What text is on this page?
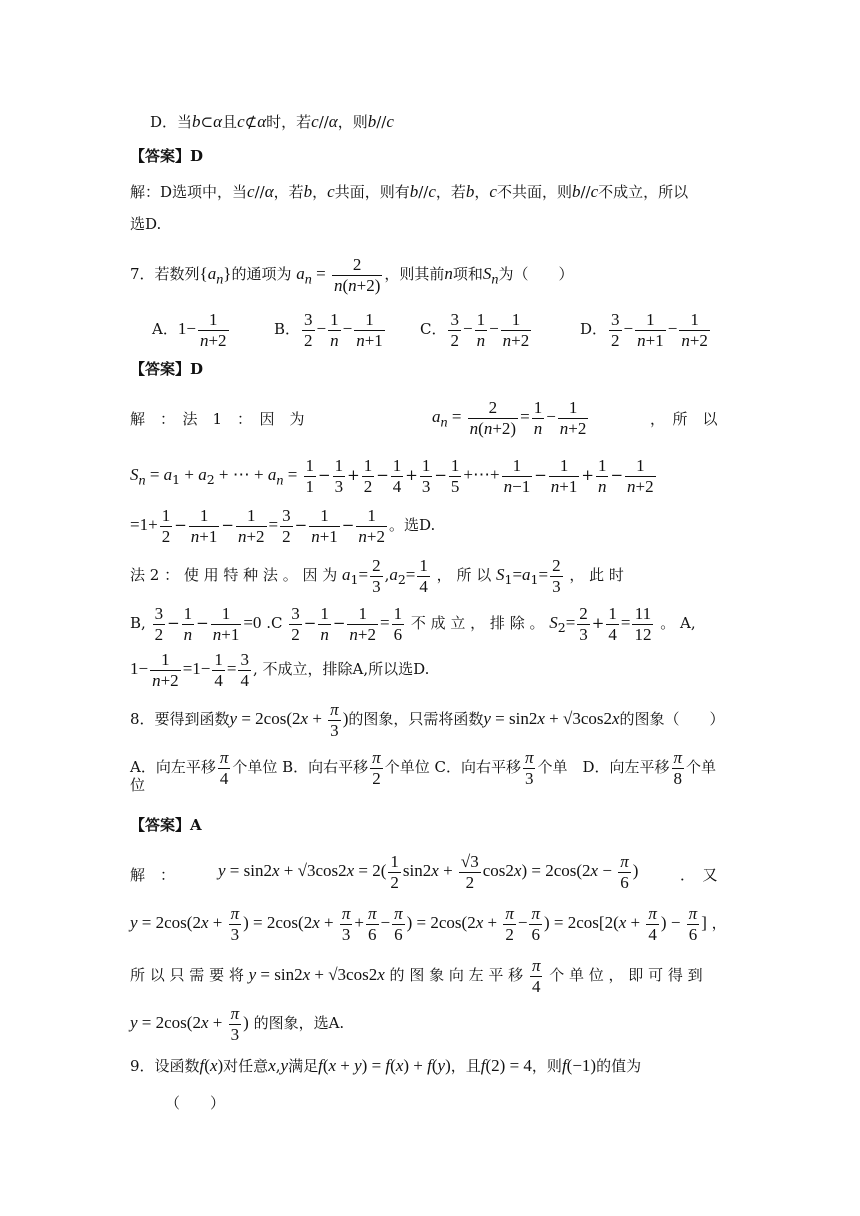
D．当b⊂α且c⊄α时，若c//α，则b//c
【答案】D
解：D选项中，当c//α，若b，c共面，则有b//c，若b，c不共面，则b//c不成立，所以
选D.
7．若数列$\{a_n\}$的通项为 $a_n = \frac{2}{n(n+2)}$ ，则其前n项和$S_n$为（　　）
A．$1- \frac{1}{n+2}$	B． $\frac{3}{2} - \frac{1}{n} - \frac{1}{n+1}$ C． $\frac{3}{2} - \frac{1}{n} - \frac{1}{n+2}$	D． $\frac{3}{2} - \frac{1}{n+1} - \frac{1}{n+2}$
【答案】D
解　：　法　1　：　因　为	$a_n = \frac{2}{n(n+2)} = \frac{1}{n} - \frac{1}{n+2}$	，　所　以
$S_n = a_1 + a_2$ + ⋯ + $a_n = \frac{1}{1} - \frac{1}{3} + \frac{1}{2} - \frac{1}{4} + \frac{1}{3} - \frac{1}{5}$ +⋯+ $\frac{1}{n-1} - \frac{1}{n+1} + \frac{1}{n} - \frac{1}{n+2}$
$=1+ \frac{1}{2} - \frac{1}{n+1} - \frac{1}{n+2} = \frac{3}{2} - \frac{1}{n+1} - \frac{1}{n+2}$ 。选D.
法 2 ： 使 用 特 种 法 。 因 为 $a_1= \frac{2}{3} ,a_2= \frac{1}{4}$ ， 所 以 $S_1=a_1= \frac{2}{3}$ ， 此 时
B, $\frac{3}{2} - \frac{1}{n} - \frac{1}{n+1} =0$ $.C \frac{3}{2} - \frac{1}{n} - \frac{1}{n+2} = \frac{1}{6}$ 不 成 立 ， 排 除 。 $S_2= \frac{2}{3} + \frac{1}{4} = \frac{11}{12}$ 。 A,
$1- \frac{1}{n+2} =1- \frac{1}{4} = \frac{3}{4}$ , 不成立，排除A,所以选D.
8．要得到函数$y = 2\cos(2x + \frac{\pi}{3}$ )的图象，只需将函数y = sin2x + √3cos2x的图象（　　）
A．向左平移 $\frac{\pi}{4}$ 个单位 B．向右平移 $\frac{\pi}{2}$ 个单位 C．向右平移 $\frac{\pi}{3}$ 个单　D．向左平移 $\frac{\pi}{8}$ 个单
位
【答案】A
解　：	$y = \sin 2x + √3\cos 2x = 2( \frac{1}{2} \sin 2x + \frac{√3}{2} \cos 2x) = 2\cos(2x - \frac{\pi}{6}$ )	．　又
$y = 2\cos(2x + \frac{\pi}{3}$ ) = $2\cos(2x + \frac{\pi}{3} + \frac{\pi}{6} - \frac{\pi}{6}$ ) = $2\cos(2x + \frac{\pi}{2} - \frac{\pi}{6}$ ) = $2\cos[2(x + \frac{\pi}{4}$ ) − $\frac{\pi}{6}$ ] ，
所 以 只 需 要 将 y = sin2x + √3cos2x 的 图 象 向 左 平 移 $\frac{\pi}{4}$ 个 单 位 ， 即 可 得 到
$y = 2\cos(2x + \frac{\pi}{3}$ ) 的图象，选A.
9．设函数f(x)对任意x,y满足f(x + y) = f(x) + f(y)，且f(2) = 4，则f(−1)的值为
（　　）
